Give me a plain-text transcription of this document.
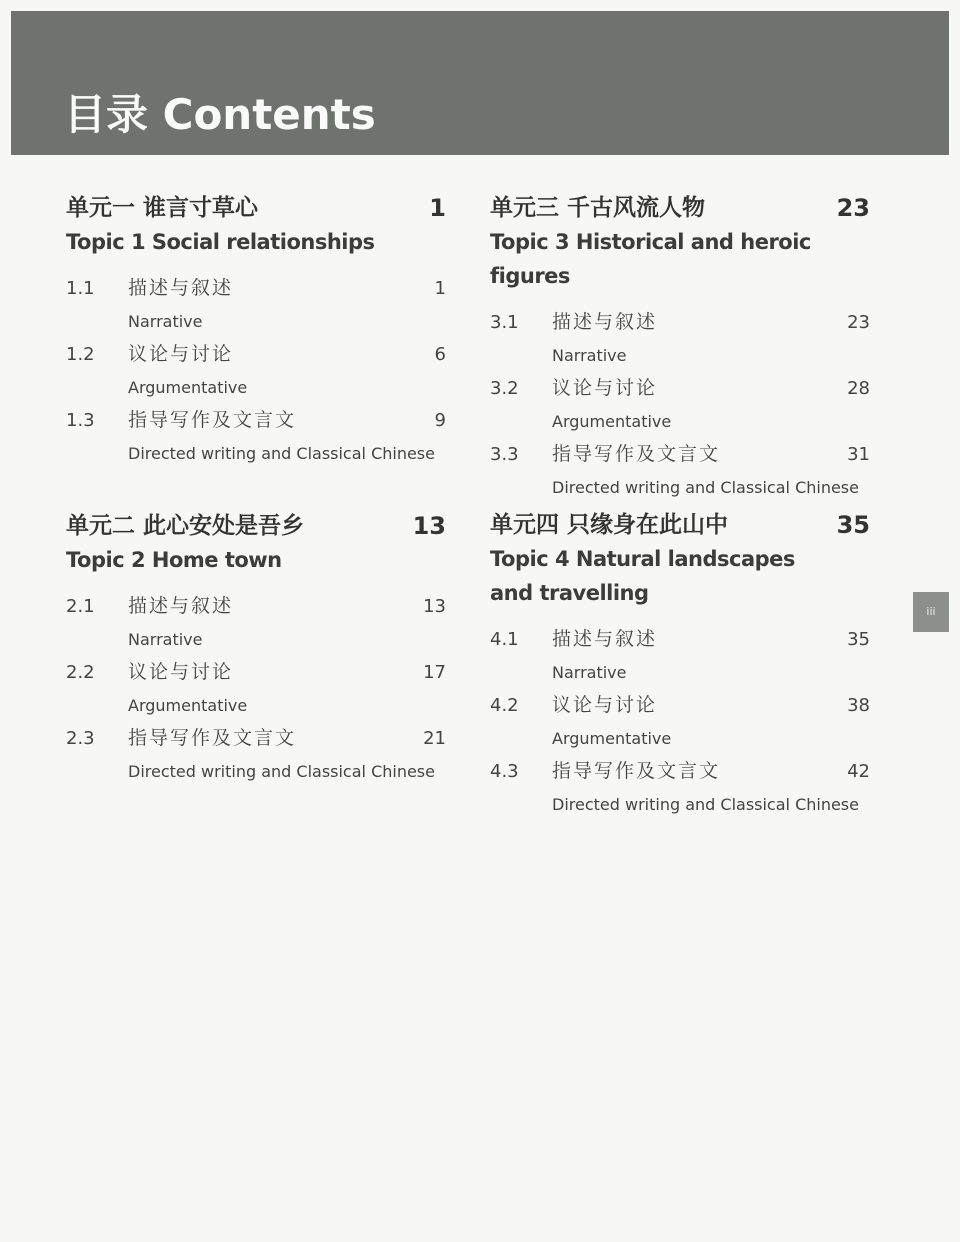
目录 Contents
iii
单元一 谁言寸草心	1
Topic 1 Social relationships
1.1 描述与叙述	1
Narrative
1.2 议论与讨论	6
Argumentative
1.3 指导写作及文言文	9
Directed writing and Classical Chinese
单元二 此心安处是吾乡	13
Topic 2 Home town
2.1 描述与叙述	13
Narrative
2.2 议论与讨论	17
Argumentative
2.3 指导写作及文言文	21
Directed writing and Classical Chinese
单元三 千古风流人物	23
Topic 3 Historical and heroic figures
3.1 描述与叙述	23
Narrative
3.2 议论与讨论	28
Argumentative
3.3 指导写作及文言文	31
Directed writing and Classical Chinese
单元四 只缘身在此山中	35
Topic 4 Natural landscapes and travelling
4.1 描述与叙述	35
Narrative
4.2 议论与讨论	38
Argumentative
4.3 指导写作及文言文	42
Directed writing and Classical Chinese
